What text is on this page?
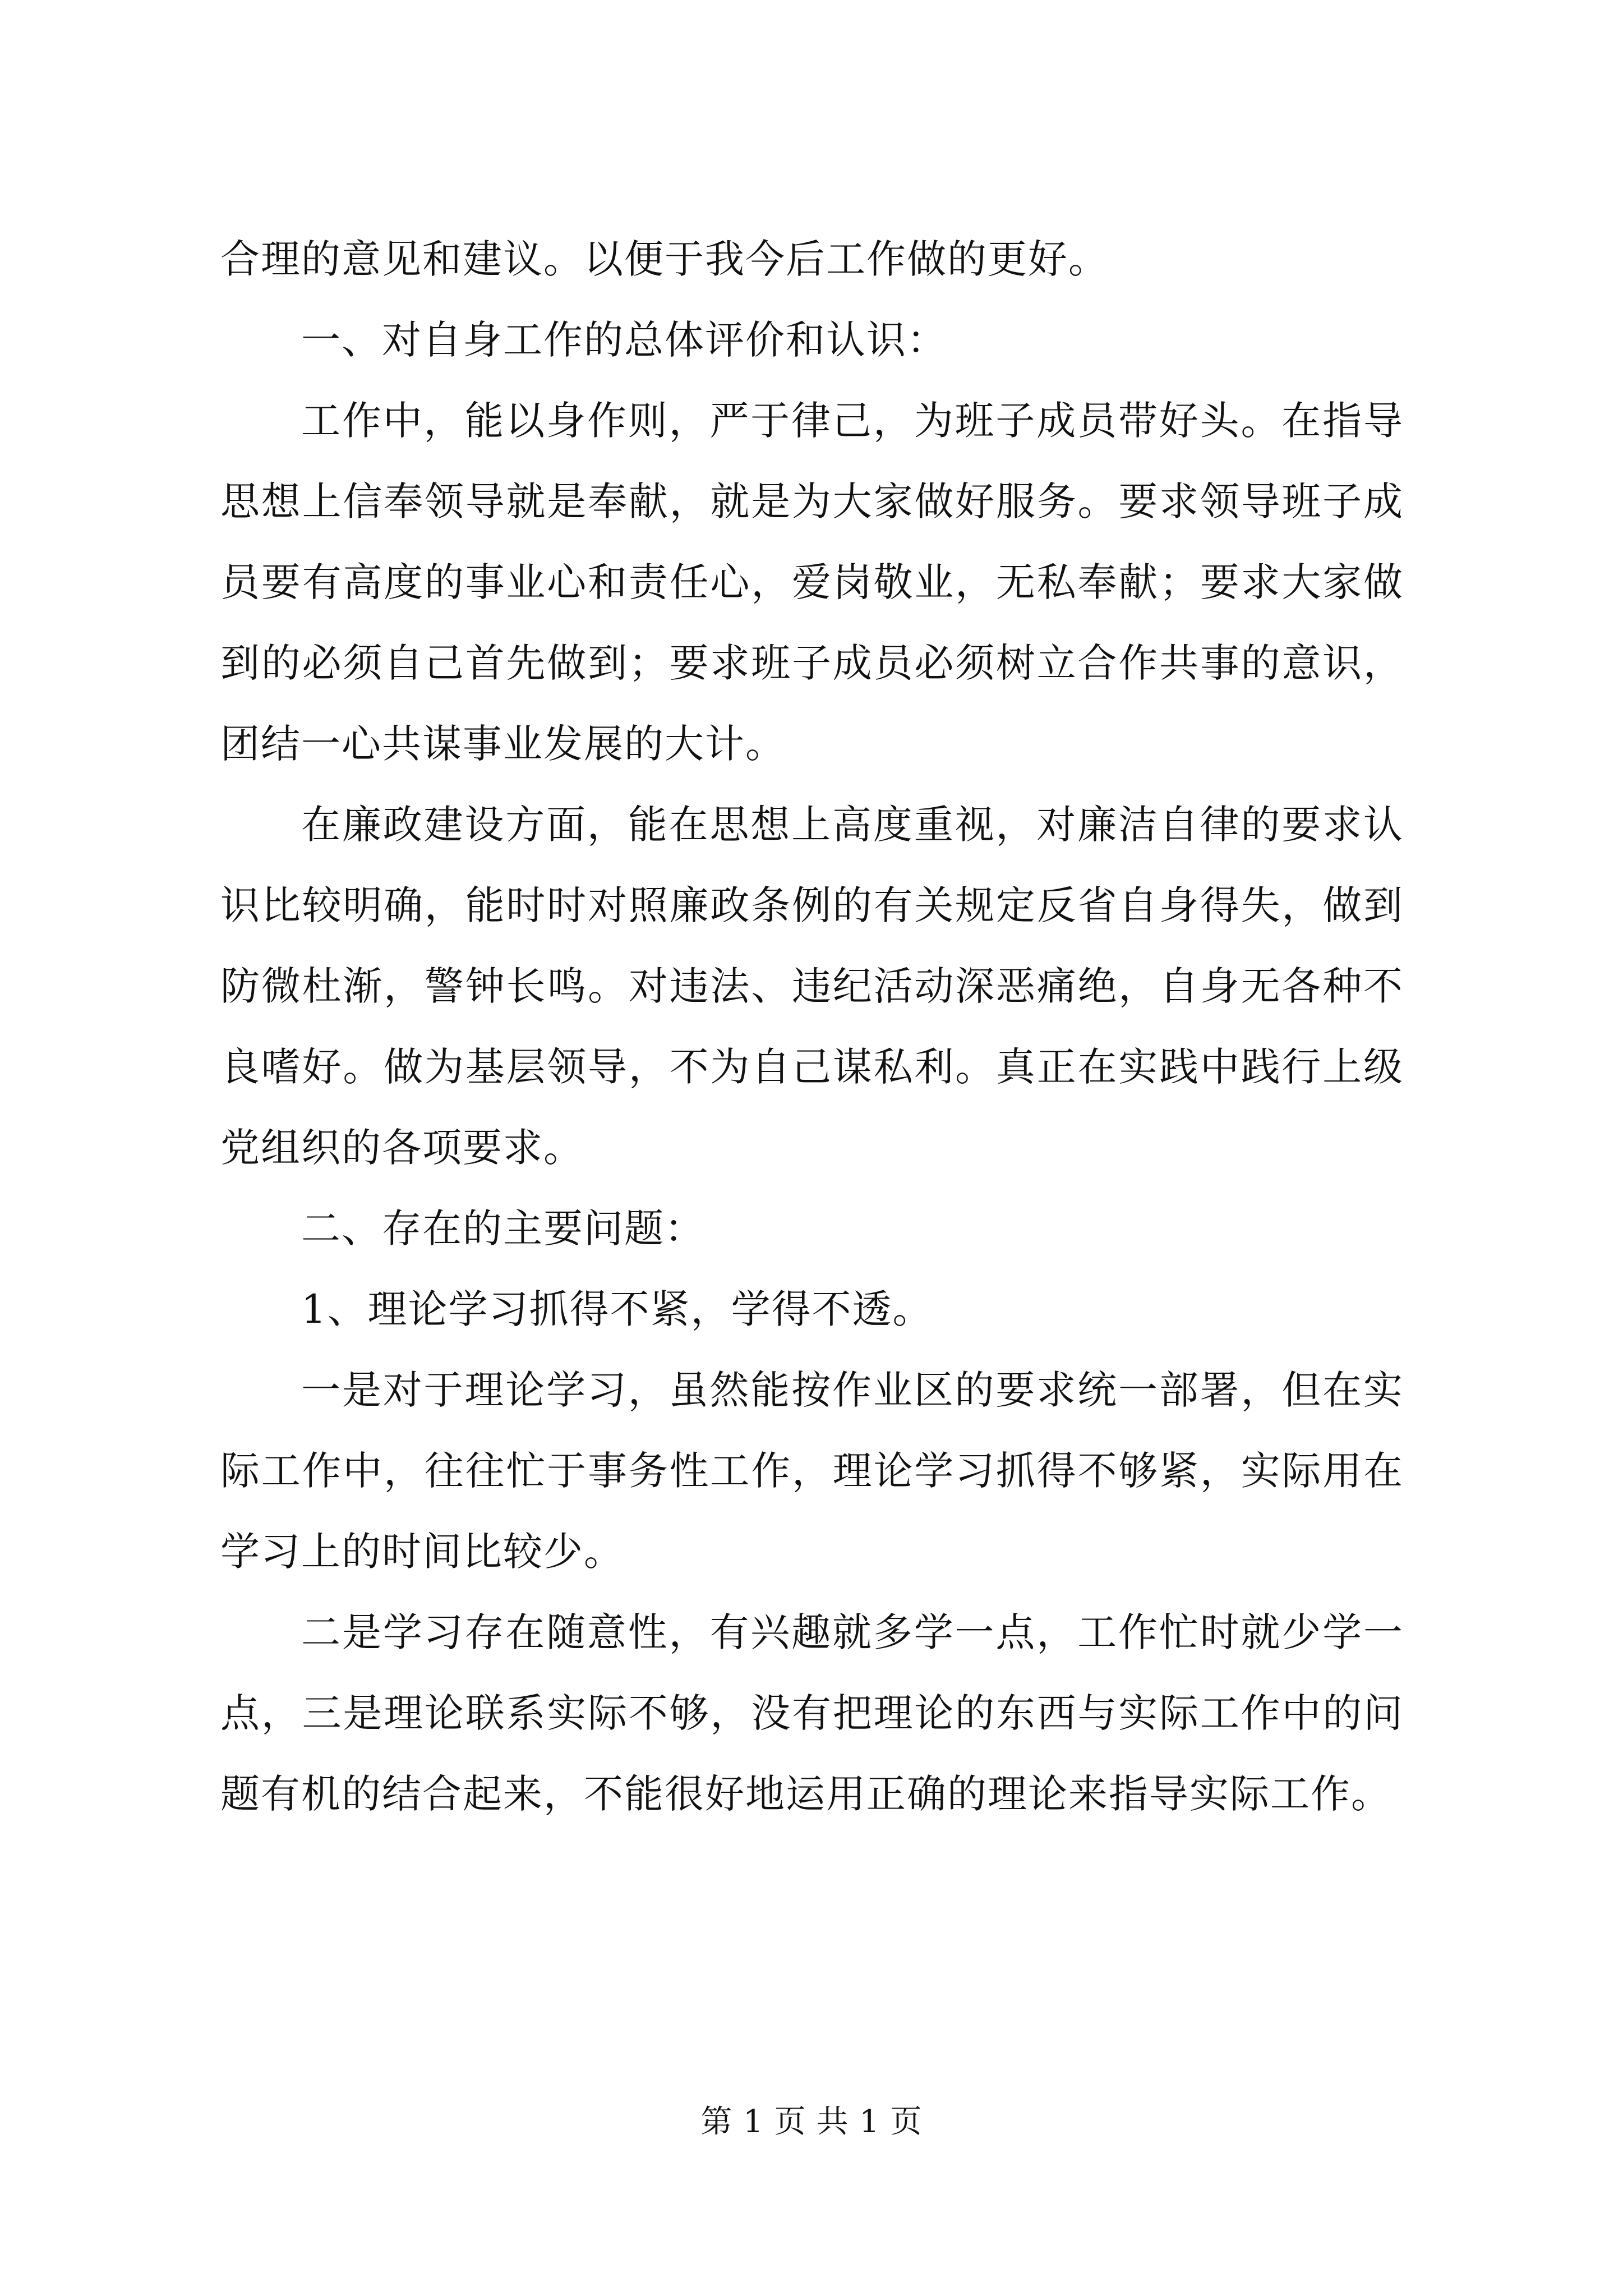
合理的意见和建议。以便于我今后工作做的更好。

一、对自身工作的总体评价和认识：

工作中，能以身作则，严于律己，为班子成员带好头。在指导思想上信奉领导就是奉献，就是为大家做好服务。要求领导班子成员要有高度的事业心和责任心，爱岗敬业，无私奉献；要求大家做到的必须自己首先做到；要求班子成员必须树立合作共事的意识，团结一心共谋事业发展的大计。

在廉政建设方面，能在思想上高度重视，对廉洁自律的要求认识比较明确，能时时对照廉政条例的有关规定反省自身得失，做到防微杜渐，警钟长鸣。对违法、违纪活动深恶痛绝，自身无各种不良嗜好。做为基层领导，不为自己谋私利。真正在实践中践行上级党组织的各项要求。

二、存在的主要问题：

1、理论学习抓得不紧，学得不透。

一是对于理论学习，虽然能按作业区的要求统一部署，但在实际工作中，往往忙于事务性工作，理论学习抓得不够紧，实际用在学习上的时间比较少。

二是学习存在随意性，有兴趣就多学一点，工作忙时就少学一点，三是理论联系实际不够，没有把理论的东西与实际工作中的问题有机的结合起来，不能很好地运用正确的理论来指导实际工作。

第 1 页 共 1 页
